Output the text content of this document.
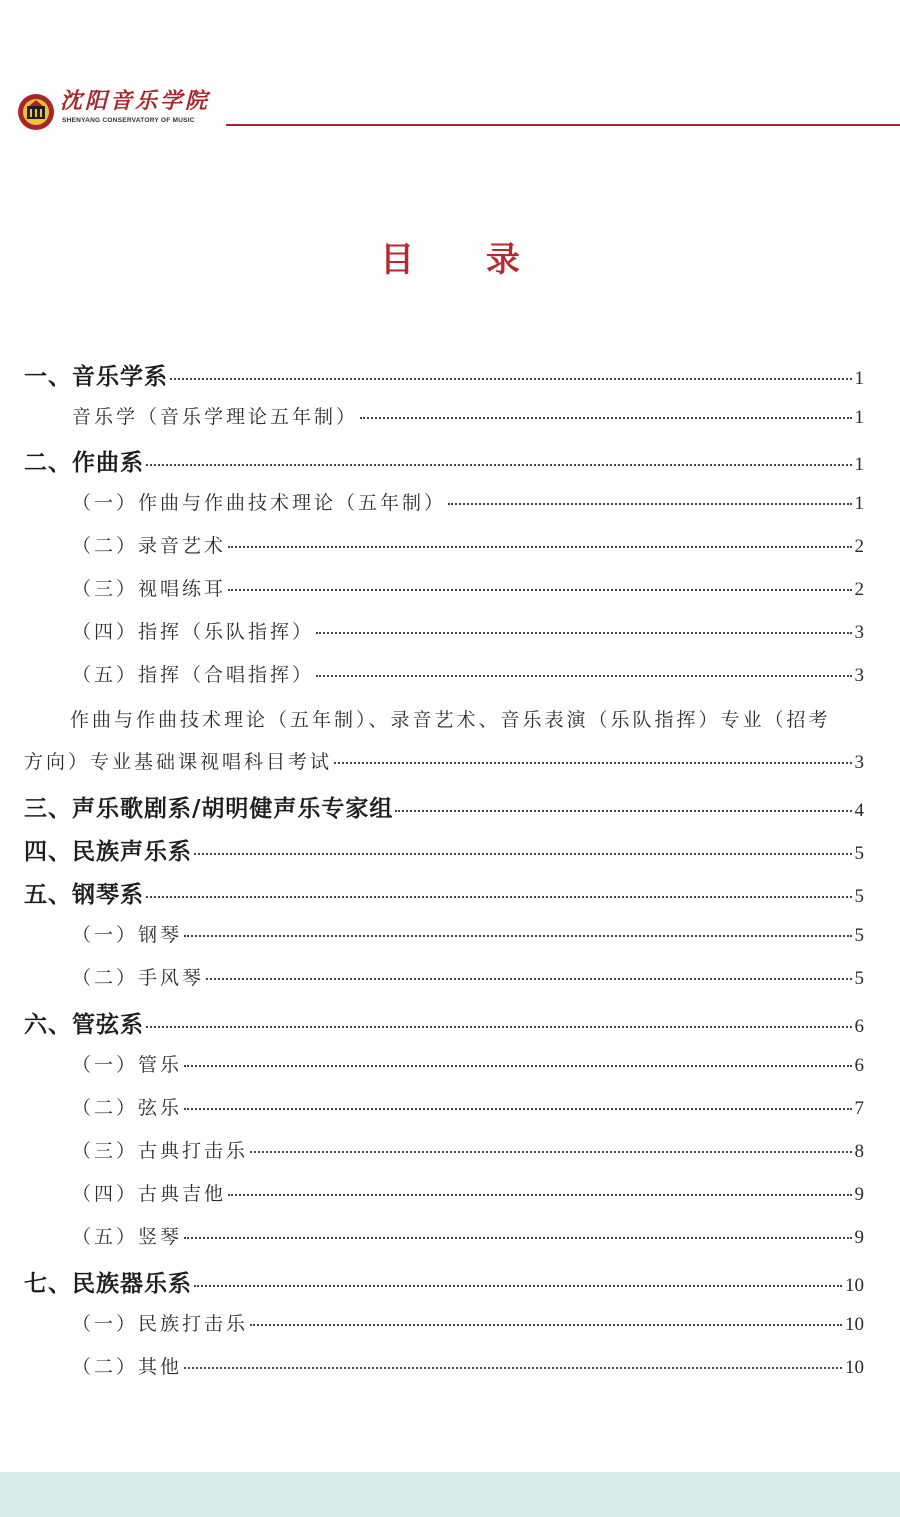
沈阳音乐学院
SHENYANG CONSERVATORY OF MUSIC
目 录
一、音乐学系	1
音乐学（音乐学理论五年制）	1
二、作曲系	1
（一）作曲与作曲技术理论（五年制）	1
（二）录音艺术	2
（三）视唱练耳	2
（四）指挥（乐队指挥）	3
（五）指挥（合唱指挥）	3
作曲与作曲技术理论（五年制）、录音艺术、音乐表演（乐队指挥）专业（招考
方向）专业基础课视唱科目考试	3
三、声乐歌剧系/胡明健声乐专家组	4
四、民族声乐系	5
五、钢琴系	5
（一）钢琴	5
（二）手风琴	5
六、管弦系	6
（一）管乐	6
（二）弦乐	7
（三）古典打击乐	8
（四）古典吉他	9
（五）竖琴	9
七、民族器乐系	10
（一）民族打击乐	10
（二）其他	10
